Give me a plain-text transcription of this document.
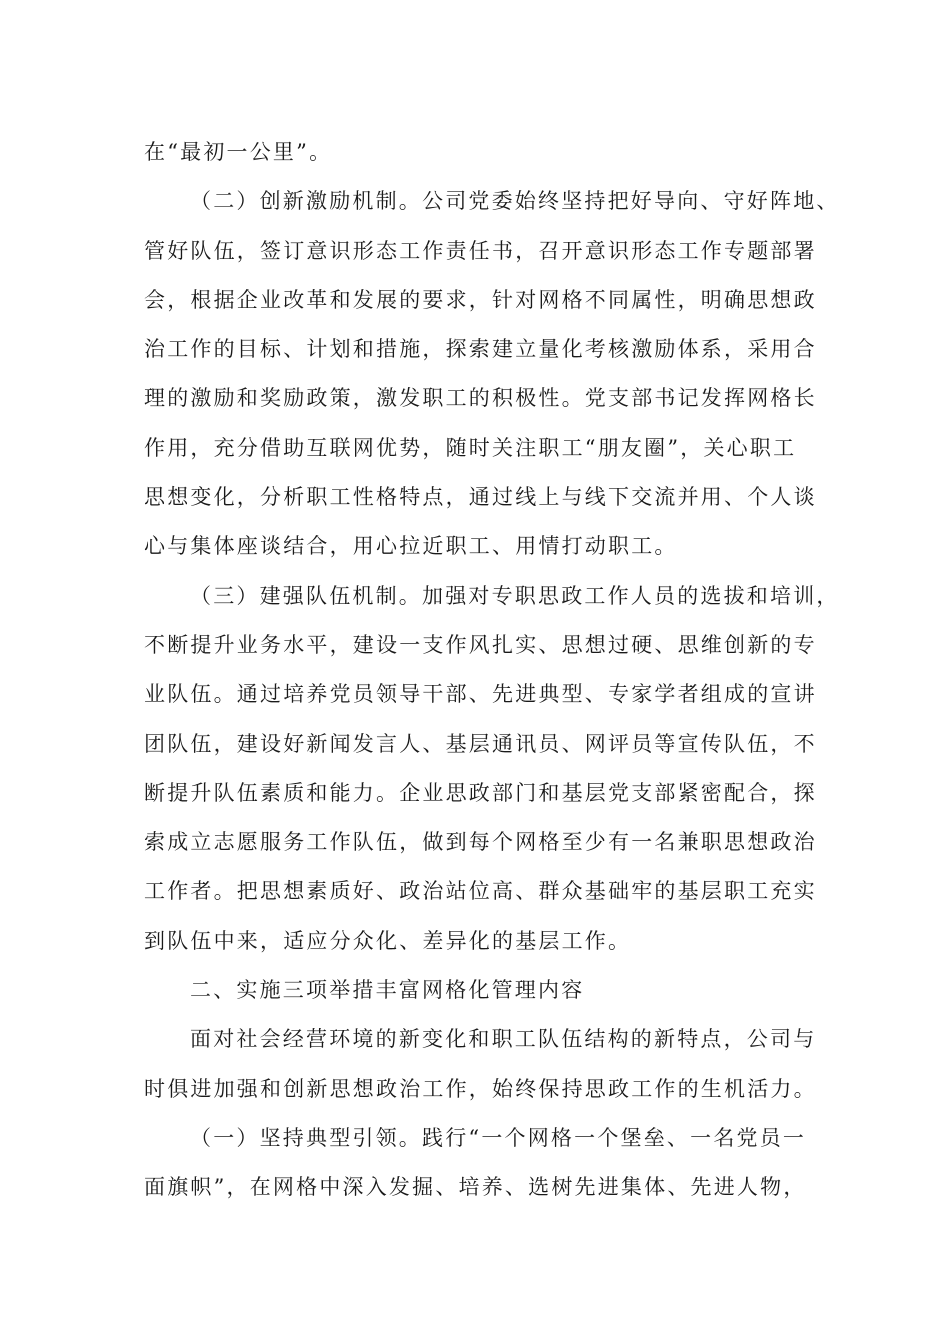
在“最初一公里”。
（二）创新激励机制。公司党委始终坚持把好导向、守好阵地、
管好队伍，签订意识形态工作责任书，召开意识形态工作专题部署
会，根据企业改革和发展的要求，针对网格不同属性，明确思想政
治工作的目标、计划和措施，探索建立量化考核激励体系，采用合
理的激励和奖励政策，激发职工的积极性。党支部书记发挥网格长
作用，充分借助互联网优势，随时关注职工“朋友圈”，关心职工
思想变化，分析职工性格特点，通过线上与线下交流并用、个人谈
心与集体座谈结合，用心拉近职工、用情打动职工。
（三）建强队伍机制。加强对专职思政工作人员的选拔和培训，
不断提升业务水平，建设一支作风扎实、思想过硬、思维创新的专
业队伍。通过培养党员领导干部、先进典型、专家学者组成的宣讲
团队伍，建设好新闻发言人、基层通讯员、网评员等宣传队伍，不
断提升队伍素质和能力。企业思政部门和基层党支部紧密配合，探
索成立志愿服务工作队伍，做到每个网格至少有一名兼职思想政治
工作者。把思想素质好、政治站位高、群众基础牢的基层职工充实
到队伍中来，适应分众化、差异化的基层工作。
二、实施三项举措丰富网格化管理内容
面对社会经营环境的新变化和职工队伍结构的新特点，公司与
时俱进加强和创新思想政治工作，始终保持思政工作的生机活力。
（一）坚持典型引领。践行“一个网格一个堡垒、一名党员一
面旗帜”，在网格中深入发掘、培养、选树先进集体、先进人物，
